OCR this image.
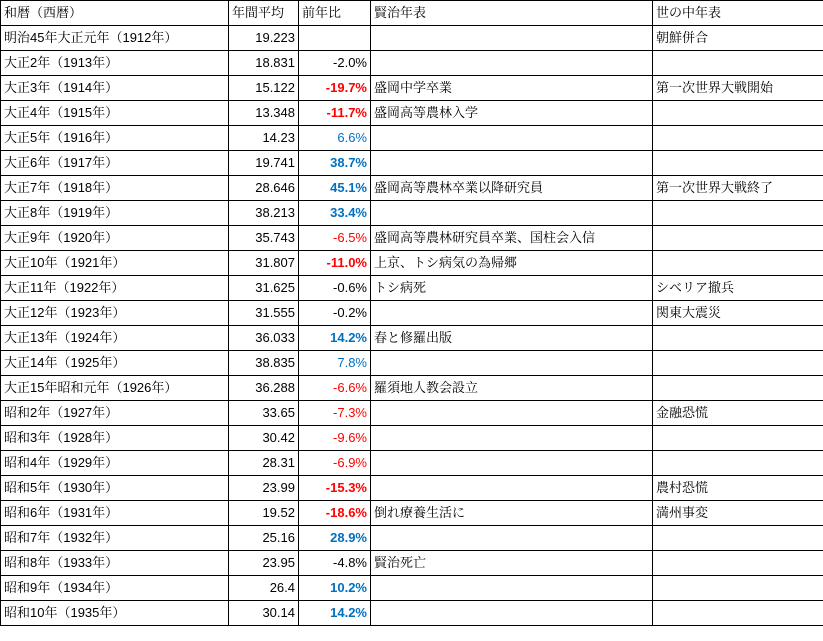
和暦（西暦）	年間平均	前年比	賢治年表	世の中年表
明治45年大正元年（1912年）	19.223			朝鮮併合
大正2年（1913年）	18.831	-2.0%		
大正3年（1914年）	15.122	-19.7%	盛岡中学卒業	第一次世界大戦開始
大正4年（1915年）	13.348	-11.7%	盛岡高等農林入学	
大正5年（1916年）	14.23	6.6%		
大正6年（1917年）	19.741	38.7%		
大正7年（1918年）	28.646	45.1%	盛岡高等農林卒業以降研究員	第一次世界大戦終了
大正8年（1919年）	38.213	33.4%		
大正9年（1920年）	35.743	-6.5%	盛岡高等農林研究員卒業、国柱会入信	
大正10年（1921年）	31.807	-11.0%	上京、トシ病気の為帰郷	
大正11年（1922年）	31.625	-0.6%	トシ病死	シベリア撤兵
大正12年（1923年）	31.555	-0.2%		関東大震災
大正13年（1924年）	36.033	14.2%	春と修羅出版	
大正14年（1925年）	38.835	7.8%		
大正15年昭和元年（1926年）	36.288	-6.6%	羅須地人教会設立	
昭和2年（1927年）	33.65	-7.3%		金融恐慌
昭和3年（1928年）	30.42	-9.6%		
昭和4年（1929年）	28.31	-6.9%		
昭和5年（1930年）	23.99	-15.3%		農村恐慌
昭和6年（1931年）	19.52	-18.6%	倒れ療養生活に	満州事変
昭和7年（1932年）	25.16	28.9%		
昭和8年（1933年）	23.95	-4.8%	賢治死亡	
昭和9年（1934年）	26.4	10.2%		
昭和10年（1935年）	30.14	14.2%		
